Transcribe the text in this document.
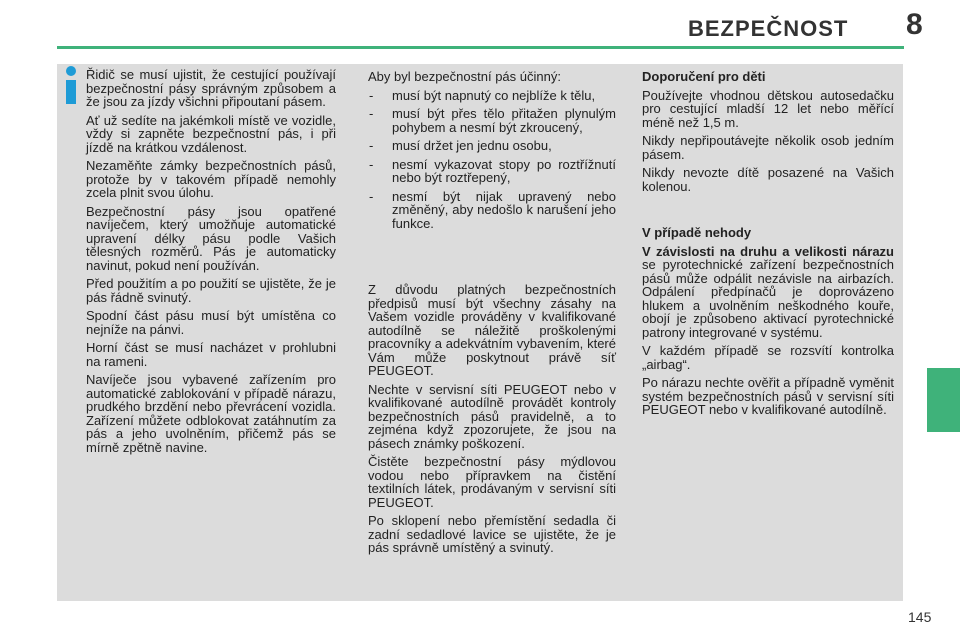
BEZPEČNOST 8

Řidič se musí ujistit, že cestující používají bezpečnostní pásy správným způsobem a že jsou za jízdy všichni připoutaní pásem.

Ať už sedíte na jakémkoli místě ve vozidle, vždy si zapněte bezpečnostní pás, i při jízdě na krátkou vzdálenost.

Nezaměňte zámky bezpečnostních pásů, protože by v takovém případě nemohly zcela plnit svou úlohu.

Bezpečnostní pásy jsou opatřené navíječem, který umožňuje automatické upravení délky pásu podle Vašich tělesných rozměrů. Pás je automaticky navinut, pokud není používán.

Před použitím a po použití se ujistěte, že je pás řádně svinutý.

Spodní část pásu musí být umístěna co nejníže na pánvi.

Horní část se musí nacházet v prohlubni na rameni.

Navíječe jsou vybavené zařízením pro automatické zablokování v případě nárazu, prudkého brzdění nebo převrácení vozidla. Zařízení můžete odblokovat zatáhnutím za pás a jeho uvolněním, přičemž pás se mírně zpětně navine.

Aby byl bezpečnostní pás účinný:

- musí být napnutý co nejblíže k tělu,
- musí být přes tělo přitažen plynulým pohybem a nesmí být zkroucený,
- musí držet jen jednu osobu,
- nesmí vykazovat stopy po roztřížnutí nebo být roztřepený,
- nesmí být nijak upravený nebo změněný, aby nedošlo k narušení jeho funkce.

Z důvodu platných bezpečnostních předpisů musí být všechny zásahy na Vašem vozidle prováděny v kvalifikované autodílně se náležitě proškolenými pracovníky a adekvátním vybavením, které Vám může poskytnout právě síť PEUGEOT.

Nechte v servisní síti PEUGEOT nebo v kvalifikované autodílně provádět kontroly bezpečnostních pásů pravidelně, a to zejména když zpozorujete, že jsou na pásech známky poškození.

Čistěte bezpečnostní pásy mýdlovou vodou nebo přípravkem na čistění textilních látek, prodávaným v servisní síti PEUGEOT.

Po sklopení nebo přemístění sedadla či zadní sedadlové lavice se ujistěte, že je pás správně umístěný a svinutý.

Doporučení pro děti

Používejte vhodnou dětskou autosedačku pro cestující mladší 12 let nebo měřící méně než 1,5 m.

Nikdy nepřipoutávejte několik osob jedním pásem.

Nikdy nevozte dítě posazené na Vašich kolenou.

V případě nehody

V závislosti na druhu a velikosti nárazu se pyrotechnické zařízení bezpečnostních pásů může odpálit nezávisle na airbazích. Odpálení předpínačů je doprovázeno hlukem a uvolněním neškodného kouře, obojí je způsobeno aktivací pyrotechnické patrony integrované v systému.

V každém případě se rozsvítí kontrolka „airbag“.

Po nárazu nechte ověřit a případně vyměnit systém bezpečnostních pásů v servisní síti PEUGEOT nebo v kvalifikované autodílně.

145
